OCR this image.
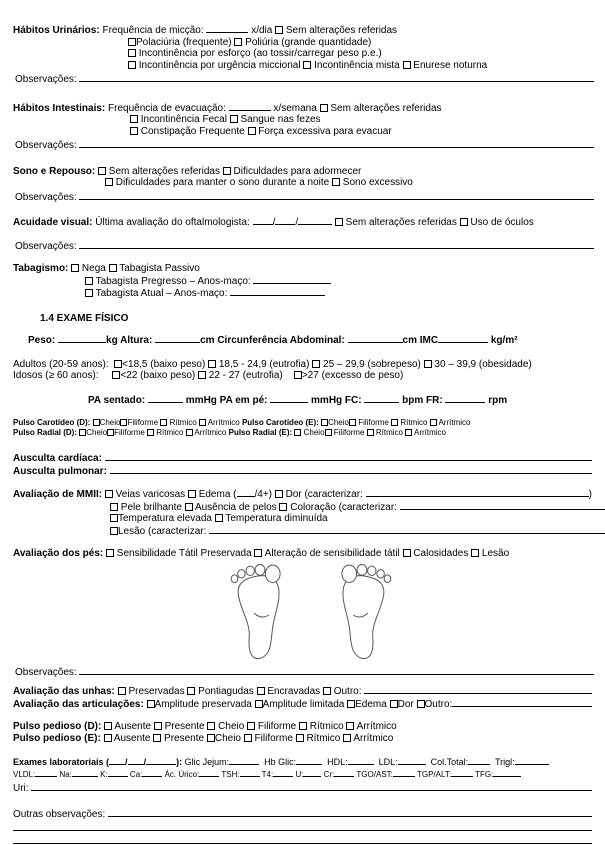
Hábitos Urinários: Frequência de micção:	x/dia Sem alterações referidas
Polaciúria (frequente) Poliúria (grande quantidade)
Incontinência por esforço (ao tossir/carregar peso p.e.)
Incontinência por urgência miccional Incontinência mista Enurese noturna
Observações:
Hábitos Intestinais: Frequência de evacuação:	x/semana Sem alterações referidas
Incontinência Fecal Sangue nas fezes
Constipação Frequente Força excessiva para evacuar
Observações:
Sono e Repouso: Sem alterações referidas Dificuldades para adormecer
Dificuldades para manter o sono durante a noite Sono excessivo
Observações:
Acuidade visual: Última avaliação do oftalmologista: / /
	Sem alterações referidas Uso de óculos
Observações:
Tabagismo: Nega Tabagista Passivo
Tabagista Pregresso – Anos-maço:
Tabagista Atual – Anos-maço:
1.4 EXAME FÍSICO
Peso:	kg Altura:	cm Circunferência Abdominal:	cm IMC	kg/m²
Adultos (20-59 anos): <18,5 (baixo peso) 18,5 - 24,9 (eutrofia) 25 – 29,9 (sobrepeso) 30 – 39,9 (obesidade)
Idosos (≥ 60 anos): <22 (baixo peso) 22 - 27 (eutrofia) >27 (excesso de peso)
PA sentado:	mmHg PA em pé:	mmHg FC:	bpm FR:	rpm
Pulso Carotídeo (D): Cheio Filiforme Rítmico Arrítmico Pulso Carotídeo (E): Cheio Filiforme Rítmico Arrítmico
Pulso Radial (D): Cheio Filiforme Rítmico Arrítmico Pulso Radial (E): Cheio Filiforme Rítmico Arrítmico
Ausculta cardíaca:
Ausculta pulmonar:
Avaliação de MMII: Veias varicosas Edema ( /4+) Dor (caracterizar:	)
Pele brilhante Ausência de pelos Coloração (caracterizar:
Temperatura elevada Temperatura diminuída
Lesão (caracterizar:
Avaliação dos pés: Sensibilidade Tátil Preservada Alteração de sensibilidade tátil Calosidades Lesão
Observações:
Avaliação das unhas: Preservadas Pontiagudas Encravadas Outro:
Avaliação das articulações: Amplitude preservada Amplitude limitada Edema Dor Outro:
Pulso pedioso (D): Ausente Presente Cheio Filiforme Rítmico Arrítmico
Pulso pedioso (E): Ausente Presente Cheio Filiforme Rítmico Arrítmico
Exames laboratoriais ( / /	): Glic Jejum:	Hb Glic:	HDL:	LDL:	Col.Total: Trigl:
VLDL:	Na:	K:	Ca:	Ác. Úrico:	TSH:	T4:	U: Cr:	TGO/AST:	TGP/ALT:	TFG:
Uri:
Outras observações:
